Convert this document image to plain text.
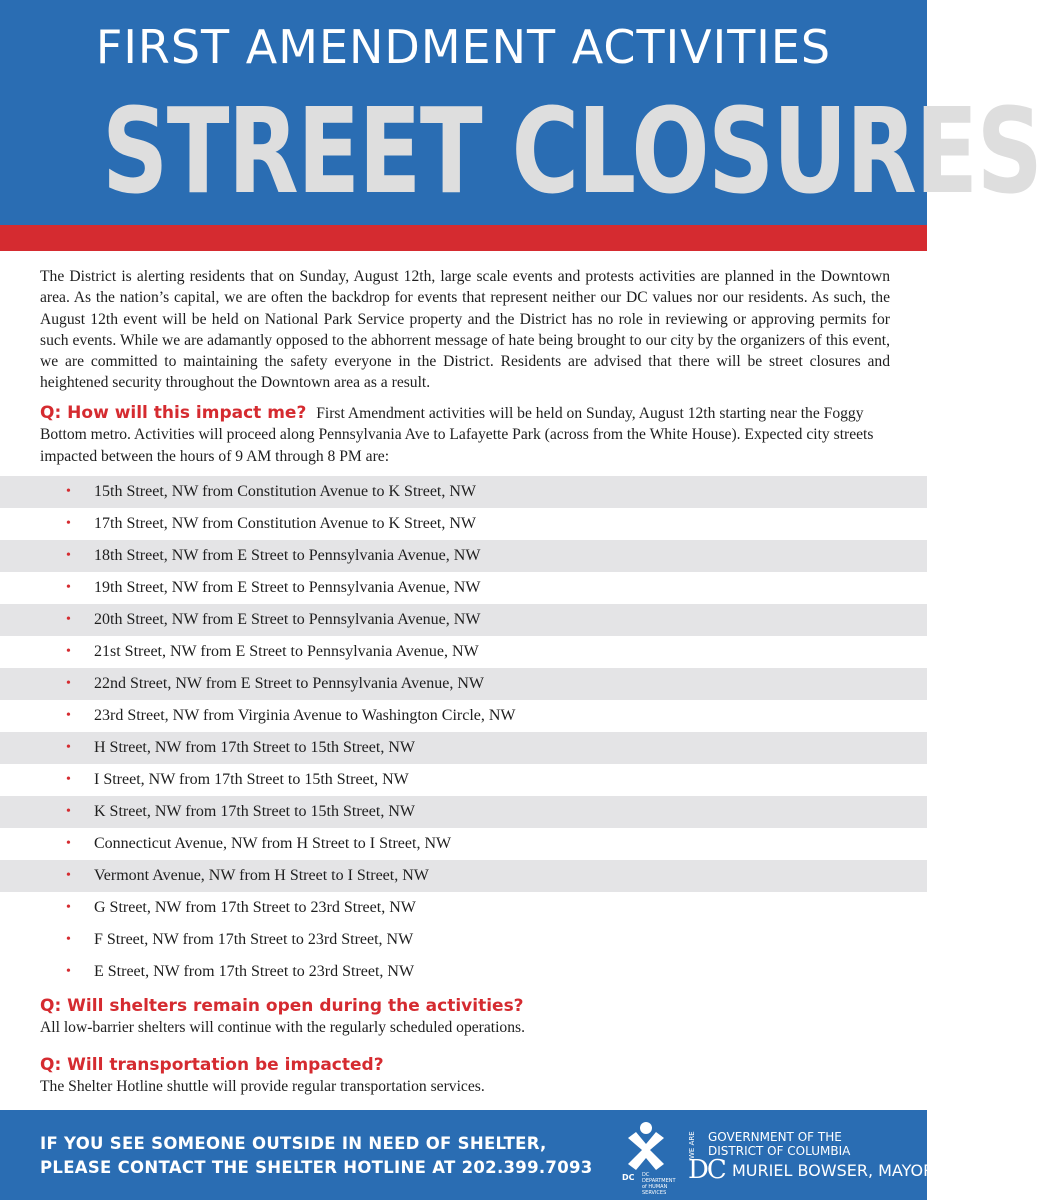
FIRST AMENDMENT ACTIVITIES
STREET CLOSURES
The District is alerting residents that on Sunday, August 12th, large scale events and protests activities are planned in the Downtown area. As the nation’s capital, we are often the backdrop for events that represent neither our DC values nor our residents. As such, the August 12th event will be held on National Park Service property and the District has no role in reviewing or approving permits for such events. While we are adamantly opposed to the abhorrent message of hate being brought to our city by the organizers of this event, we are committed to maintaining the safety everyone in the District. Residents are advised that there will be street closures and heightened security throughout the Downtown area as a result.
Q: How will this impact me? First Amendment activities will be held on Sunday, August 12th starting near the Foggy Bottom metro. Activities will proceed along Pennsylvania Ave to Lafayette Park (across from the White House). Expected city streets impacted between the hours of 9 AM through 8 PM are:
• 15th Street, NW from Constitution Avenue to K Street, NW
• 17th Street, NW from Constitution Avenue to K Street, NW
• 18th Street, NW from E Street to Pennsylvania Avenue, NW
• 19th Street, NW from E Street to Pennsylvania Avenue, NW
• 20th Street, NW from E Street to Pennsylvania Avenue, NW
• 21st Street, NW from E Street to Pennsylvania Avenue, NW
• 22nd Street, NW from E Street to Pennsylvania Avenue, NW
• 23rd Street, NW from Virginia Avenue to Washington Circle, NW
• H Street, NW from 17th Street to 15th Street, NW
• I Street, NW from 17th Street to 15th Street, NW
• K Street, NW from 17th Street to 15th Street, NW
• Connecticut Avenue, NW from H Street to I Street, NW
• Vermont Avenue, NW from H Street to I Street, NW
• G Street, NW from 17th Street to 23rd Street, NW
• F Street, NW from 17th Street to 23rd Street, NW
• E Street, NW from 17th Street to 23rd Street, NW
Q: Will shelters remain open during the activities?
All low-barrier shelters will continue with the regularly scheduled operations.
Q: Will transportation be impacted?
The Shelter Hotline shuttle will provide regular transportation services.
IF YOU SEE SOMEONE OUTSIDE IN NEED OF SHELTER,
PLEASE CONTACT THE SHELTER HOTLINE AT 202.399.7093
DC DC DEPARTMENT of HUMAN SERVICES
WE ARE GOVERNMENT OF THE
DISTRICT OF COLUMBIA
DC MURIEL BOWSER, MAYOR
